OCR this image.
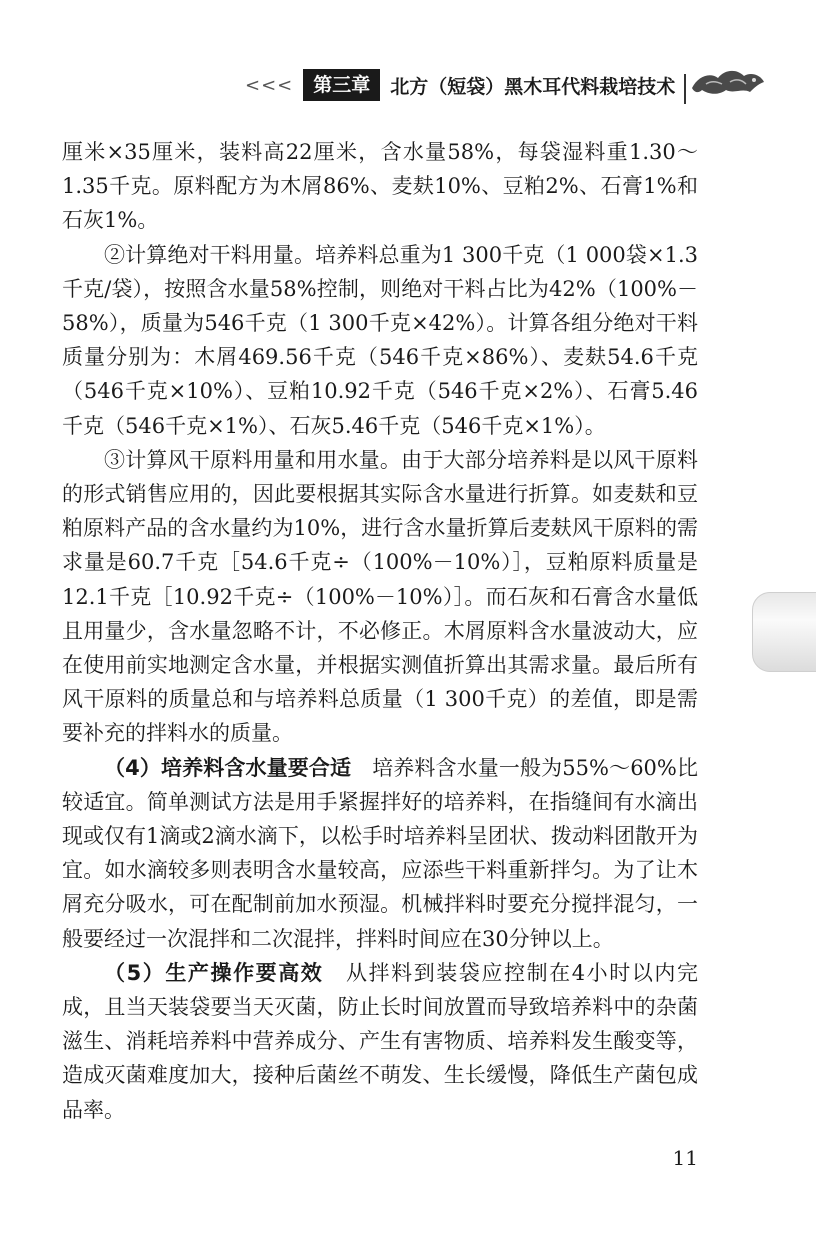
<<<	第三章	北方（短袋）黑木耳代料栽培技术

厘米×35厘米，装料高22厘米，含水量58%，每袋湿料重1.30～1.35千克。原料配方为木屑86%、麦麸10%、豆粕2%、石膏1%和石灰1%。

②计算绝对干料用量。培养料总重为1 300千克（1 000袋×1.3千克/袋），按照含水量58%控制，则绝对干料占比为42%（100%－58%），质量为546千克（1 300千克×42%）。计算各组分绝对干料质量分别为：木屑469.56千克（546千克×86%）、麦麸54.6千克（546千克×10%）、豆粕10.92千克（546千克×2%）、石膏5.46千克（546千克×1%）、石灰5.46千克（546千克×1%）。

③计算风干原料用量和用水量。由于大部分培养料是以风干原料的形式销售应用的，因此要根据其实际含水量进行折算。如麦麸和豆粕原料产品的含水量约为10%，进行含水量折算后麦麸风干原料的需求量是60.7千克［54.6千克÷（100%－10%）］，豆粕原料质量是12.1千克［10.92千克÷（100%－10%）］。而石灰和石膏含水量低且用量少，含水量忽略不计，不必修正。木屑原料含水量波动大，应在使用前实地测定含水量，并根据实测值折算出其需求量。最后所有风干原料的质量总和与培养料总质量（1 300千克）的差值，即是需要补充的拌料水的质量。

（4）培养料含水量要合适　 培养料含水量一般为55%～60%比较适宜。简单测试方法是用手紧握拌好的培养料，在指缝间有水滴出现或仅有1滴或2滴水滴下，以松手时培养料呈团状、拨动料团散开为宜。如水滴较多则表明含水量较高，应添些干料重新拌匀。为了让木屑充分吸水，可在配制前加水预湿。机械拌料时要充分搅拌混匀，一般要经过一次混拌和二次混拌，拌料时间应在30分钟以上。

（5）生产操作要高效　 从拌料到装袋应控制在4小时以内完成，且当天装袋要当天灭菌，防止长时间放置而导致培养料中的杂菌滋生、消耗培养料中营养成分、产生有害物质、培养料发生酸变等，造成灭菌难度加大，接种后菌丝不萌发、生长缓慢，降低生产菌包成品率。

11
